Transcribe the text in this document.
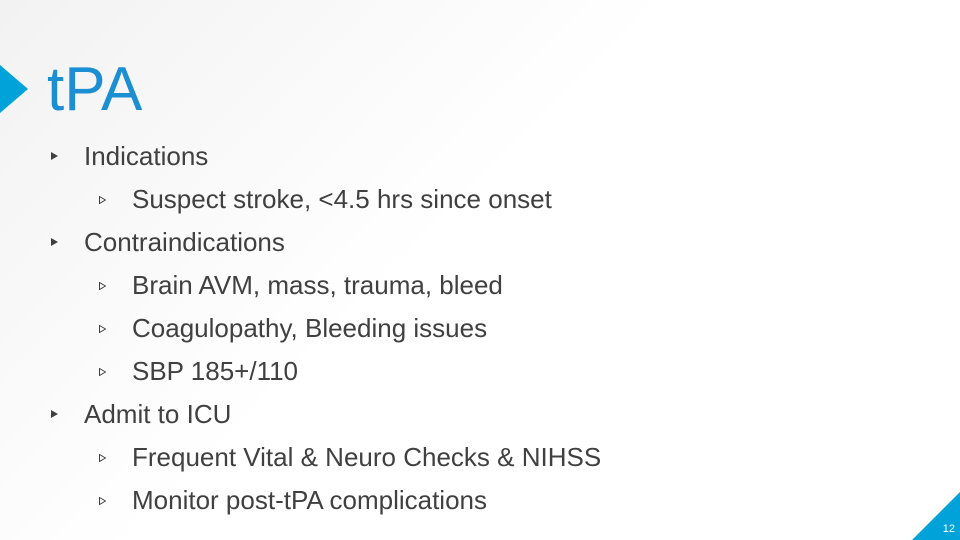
tPA
Indications
Suspect stroke, <4.5 hrs since onset
Contraindications
Brain AVM, mass, trauma, bleed
Coagulopathy, Bleeding issues
SBP 185+/110
Admit to ICU
Frequent Vital & Neuro Checks & NIHSS
Monitor post-tPA complications
12
